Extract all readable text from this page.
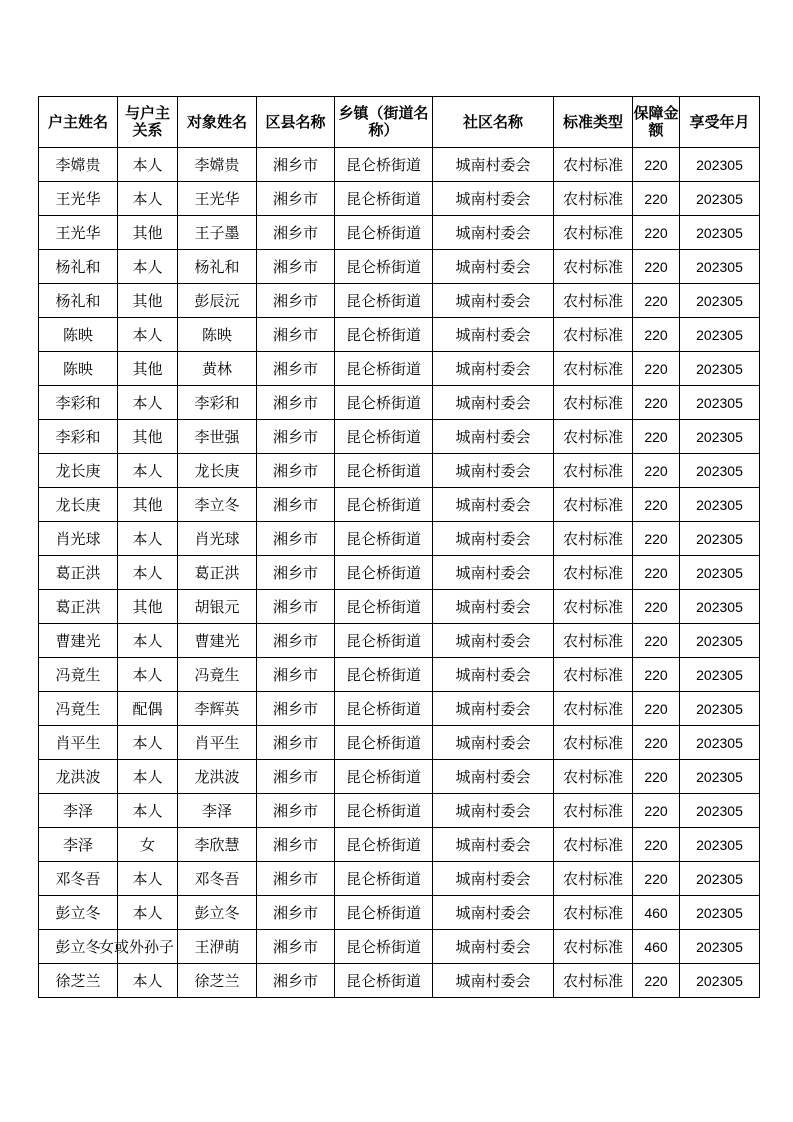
户主姓名	与户主关系	对象姓名	区县名称	乡镇（街道名称）	社区名称	标准类型	保障金额	享受年月
李嫦贵	本人	李嫦贵	湘乡市	昆仑桥街道	城南村委会	农村标准	220	202305
王光华	本人	王光华	湘乡市	昆仑桥街道	城南村委会	农村标准	220	202305
王光华	其他	王子墨	湘乡市	昆仑桥街道	城南村委会	农村标准	220	202305
杨礼和	本人	杨礼和	湘乡市	昆仑桥街道	城南村委会	农村标准	220	202305
杨礼和	其他	彭辰沅	湘乡市	昆仑桥街道	城南村委会	农村标准	220	202305
陈映	本人	陈映	湘乡市	昆仑桥街道	城南村委会	农村标准	220	202305
陈映	其他	黄林	湘乡市	昆仑桥街道	城南村委会	农村标准	220	202305
李彩和	本人	李彩和	湘乡市	昆仑桥街道	城南村委会	农村标准	220	202305
李彩和	其他	李世强	湘乡市	昆仑桥街道	城南村委会	农村标准	220	202305
龙长庚	本人	龙长庚	湘乡市	昆仑桥街道	城南村委会	农村标准	220	202305
龙长庚	其他	李立冬	湘乡市	昆仑桥街道	城南村委会	农村标准	220	202305
肖光球	本人	肖光球	湘乡市	昆仑桥街道	城南村委会	农村标准	220	202305
葛正洪	本人	葛正洪	湘乡市	昆仑桥街道	城南村委会	农村标准	220	202305
葛正洪	其他	胡银元	湘乡市	昆仑桥街道	城南村委会	农村标准	220	202305
曹建光	本人	曹建光	湘乡市	昆仑桥街道	城南村委会	农村标准	220	202305
冯竟生	本人	冯竟生	湘乡市	昆仑桥街道	城南村委会	农村标准	220	202305
冯竟生	配偶	李辉英	湘乡市	昆仑桥街道	城南村委会	农村标准	220	202305
肖平生	本人	肖平生	湘乡市	昆仑桥街道	城南村委会	农村标准	220	202305
龙洪波	本人	龙洪波	湘乡市	昆仑桥街道	城南村委会	农村标准	220	202305
李泽	本人	李泽	湘乡市	昆仑桥街道	城南村委会	农村标准	220	202305
李泽	女	李欣慧	湘乡市	昆仑桥街道	城南村委会	农村标准	220	202305
邓冬吾	本人	邓冬吾	湘乡市	昆仑桥街道	城南村委会	农村标准	220	202305
彭立冬	本人	彭立冬	湘乡市	昆仑桥街道	城南村委会	农村标准	460	202305
彭立冬	女或外孙子	王洢萌	湘乡市	昆仑桥街道	城南村委会	农村标准	460	202305
徐芝兰	本人	徐芝兰	湘乡市	昆仑桥街道	城南村委会	农村标准	220	202305
